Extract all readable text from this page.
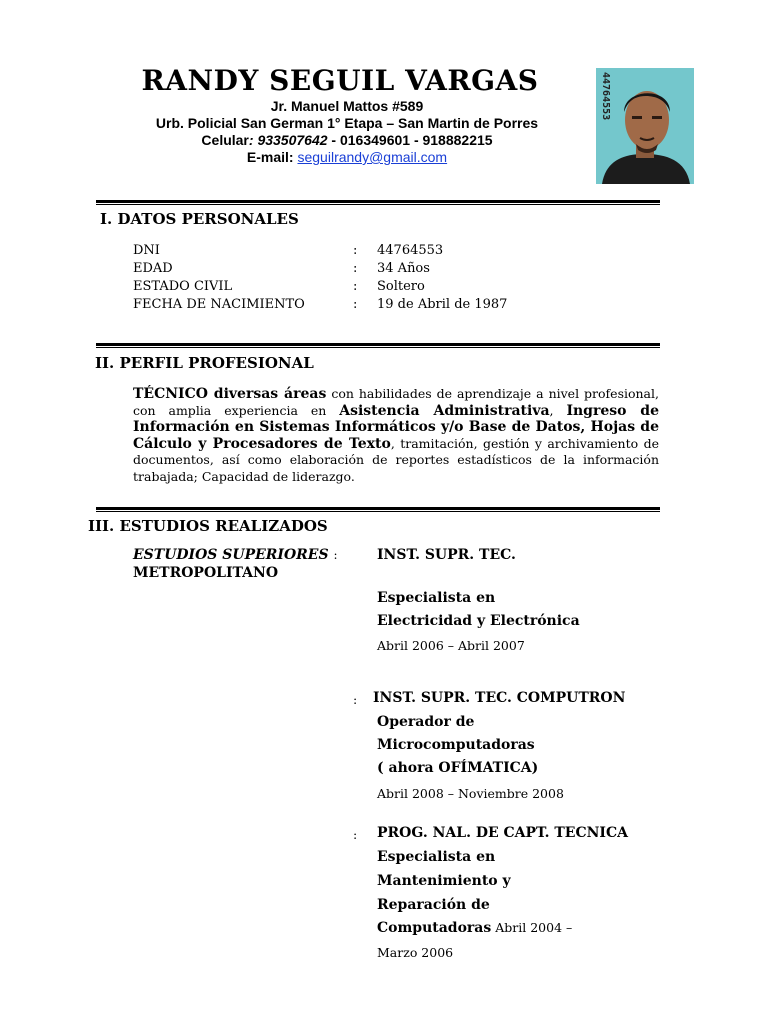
RANDY SEGUIL VARGAS
Jr. Manuel Mattos #589
Urb. Policial San German 1° Etapa – San Martin de Porres
Celular: 933507642 - 016349601 - 918882215
E-mail: seguilrandy@gmail.com
44764553
I. DATOS PERSONALES
DNI	: 44764553
EDAD	: 34 Años
ESTADO CIVIL	: Soltero
FECHA DE NACIMIENTO	: 19 de Abril de 1987
II. PERFIL PROFESIONAL
TÉCNICO diversas áreas con habilidades de aprendizaje a nivel profesional, con amplia experiencia en Asistencia Administrativa, Ingreso de Información en Sistemas Informáticos y/o Base de Datos, Hojas de Cálculo y Procesadores de Texto, tramitación, gestión y archivamiento de documentos, así como elaboración de reportes estadísticos de la información trabajada; Capacidad de liderazgo.
III. ESTUDIOS REALIZADOS
ESTUDIOS SUPERIORES :
METROPOLITANO
INST. SUPR. TEC.
Especialista en
Electricidad y Electrónica
Abril 2006 – Abril 2007
: INST. SUPR. TEC. COMPUTRON
Operador de
Microcomputadoras
( ahora OFÍMATICA)
Abril 2008 – Noviembre 2008
: PROG. NAL. DE CAPT. TECNICA
Especialista en
Mantenimiento y
Reparación de
Computadoras Abril 2004 –
Marzo 2006
